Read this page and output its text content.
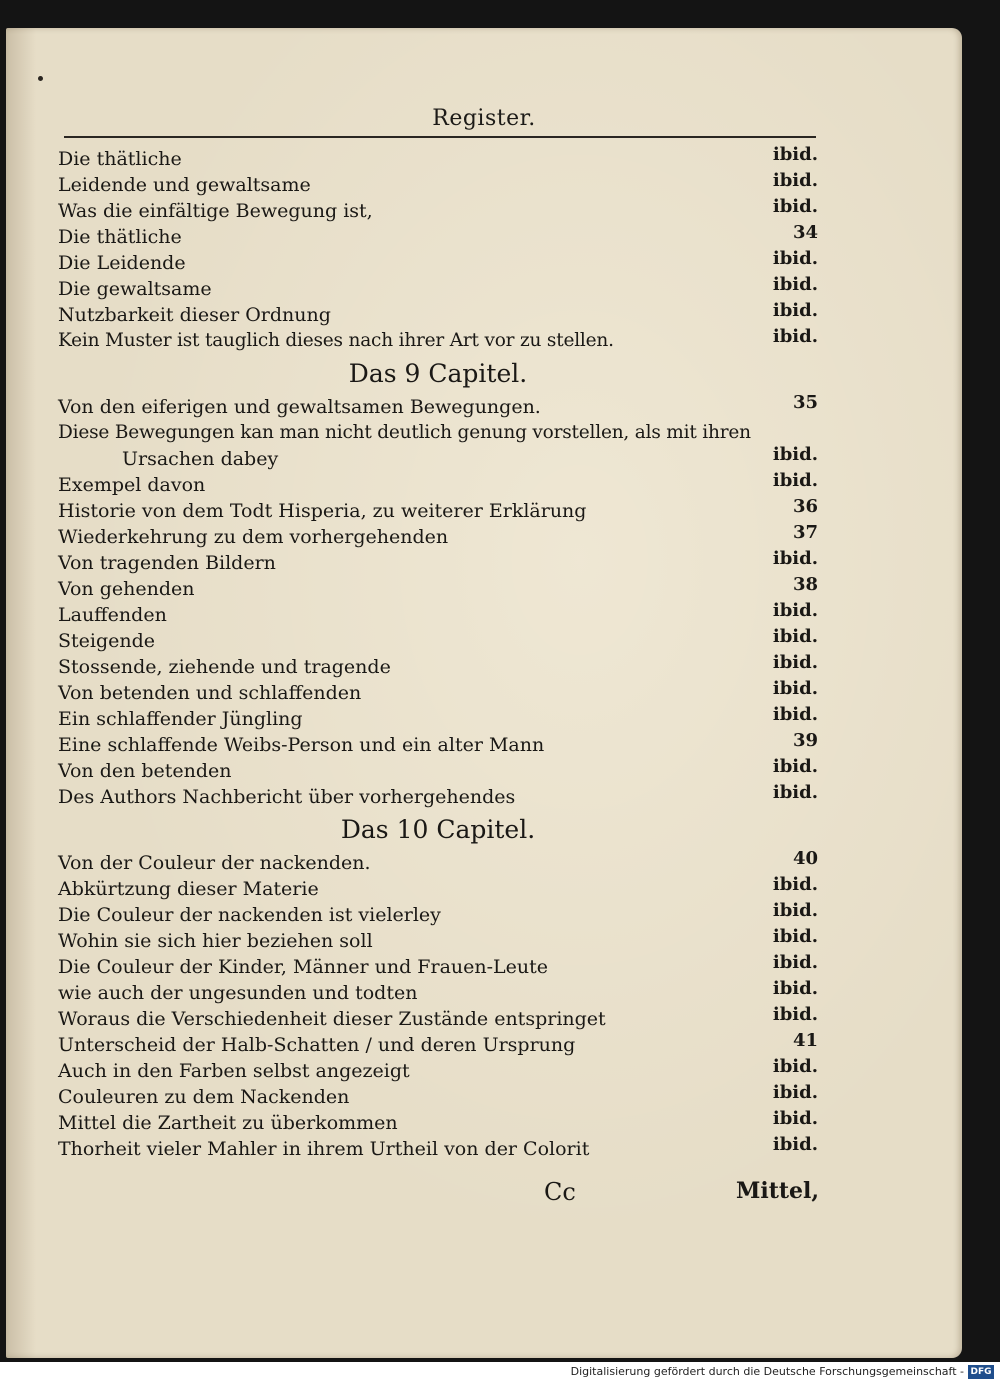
Register.
Die thätliche	ibid.
Leidende und gewaltsame	ibid.
Was die einfältige Bewegung ist,	ibid.
Die thätliche	34
Die Leidende	ibid.
Die gewaltsame	ibid.
Nutzbarkeit dieser Ordnung	ibid.
Kein Muster ist tauglich dieses nach ihrer Art vor zu stellen.	ibid.
Das 9 Capitel.
Von den eiferigen und gewaltsamen Bewegungen.	35
Diese Bewegungen kan man nicht deutlich genung vorstellen, als mit ihren
Ursachen dabey	ibid.
Exempel davon	ibid.
Historie von dem Todt Hisperia, zu weiterer Erklärung	36
Wiederkehrung zu dem vorhergehenden	37
Von tragenden Bildern	ibid.
Von gehenden	38
Lauffenden	ibid.
Steigende	ibid.
Stossende, ziehende und tragende	ibid.
Von betenden und schlaffenden	ibid.
Ein schlaffender Jüngling	ibid.
Eine schlaffende Weibs-Person und ein alter Mann	39
Von den betenden	ibid.
Des Authors Nachbericht über vorhergehendes	ibid.
Das 10 Capitel.
Von der Couleur der nackenden.	40
Abkürtzung dieser Materie	ibid.
Die Couleur der nackenden ist vielerley	ibid.
Wohin sie sich hier beziehen soll	ibid.
Die Couleur der Kinder, Männer und Frauen-Leute	ibid.
wie auch der ungesunden und todten	ibid.
Woraus die Verschiedenheit dieser Zustände entspringet	ibid.
Unterscheid der Halb-Schatten / und deren Ursprung	41
Auch in den Farben selbst angezeigt	ibid.
Couleuren zu dem Nackenden	ibid.
Mittel die Zartheit zu überkommen	ibid.
Thorheit vieler Mahler in ihrem Urtheil von der Colorit	ibid.
Cc	Mittel,
Digitalisierung gefördert durch die Deutsche Forschungsgemeinschaft - DFG
